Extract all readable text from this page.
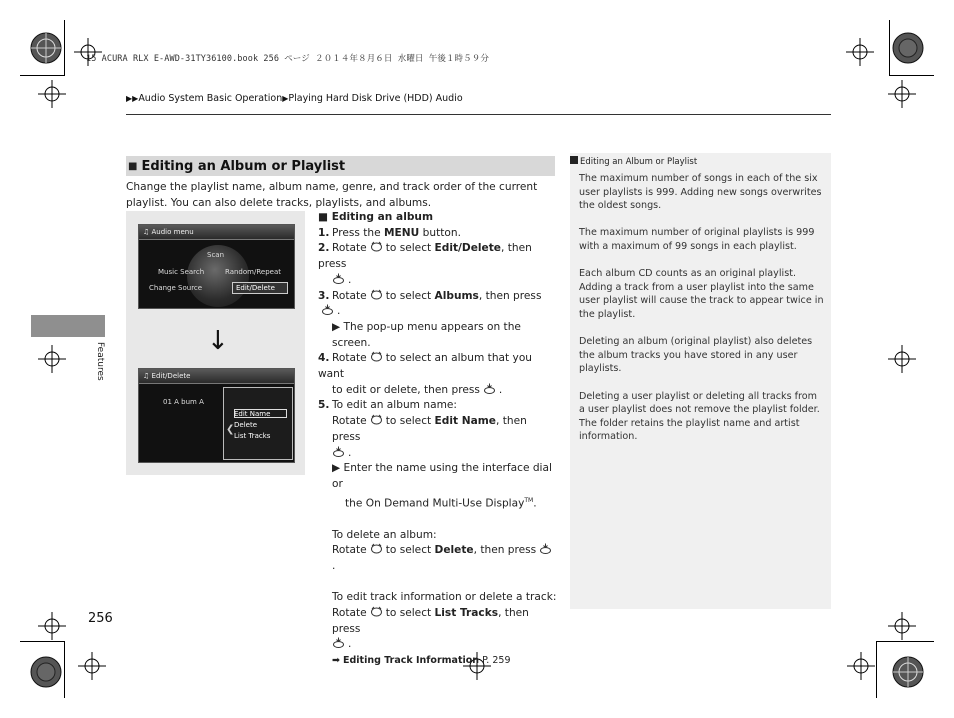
15 ACURA RLX E-AWD-31TY36100.book 256 ページ ２０１４年８月６日 水曜日 午後１時５９分
▶▶Audio System Basic Operation▶Playing Hard Disk Drive (HDD) Audio
Features
■ Editing an Album or Playlist
Change the playlist name, album name, genre, and track order of the current playlist. You can also delete tracks, playlists, and albums.
♫ Audio menu
Scan
Music Search	Random/Repeat
Change Source	Edit/Delete
↓
♫ Edit/Delete
01 A bum A
❮
Edit Name
Delete
List Tracks
■ Editing an album
1. Press the MENU button.
2. Rotate to select Edit/Delete, then press
.
3. Rotate to select Albums, then press.
▶ The pop-up menu appears on the screen.
4. Rotate to select an album that you want
to edit or delete, then press .
5. To edit an album name:
Rotate to select Edit Name, then press
.
▶ Enter the name using the interface dial or
the On Demand Multi-Use Display™.
To delete an album:
Rotate to select Delete, then press.
To edit track information or delete a track:
Rotate to select List Tracks, then press
.
➡ Editing Track Information P. 259
Editing an Album or Playlist

The maximum number of songs in each of the six user playlists is 999. Adding new songs overwrites the oldest songs.

The maximum number of original playlists is 999 with a maximum of 99 songs in each playlist.

Each album CD counts as an original playlist. Adding a track from a user playlist into the same user playlist will cause the track to appear twice in the playlist.

Deleting an album (original playlist) also deletes the album tracks you have stored in any user playlists.

Deleting a user playlist or deleting all tracks from a user playlist does not remove the playlist folder.

The folder retains the playlist name and artist information.

256
